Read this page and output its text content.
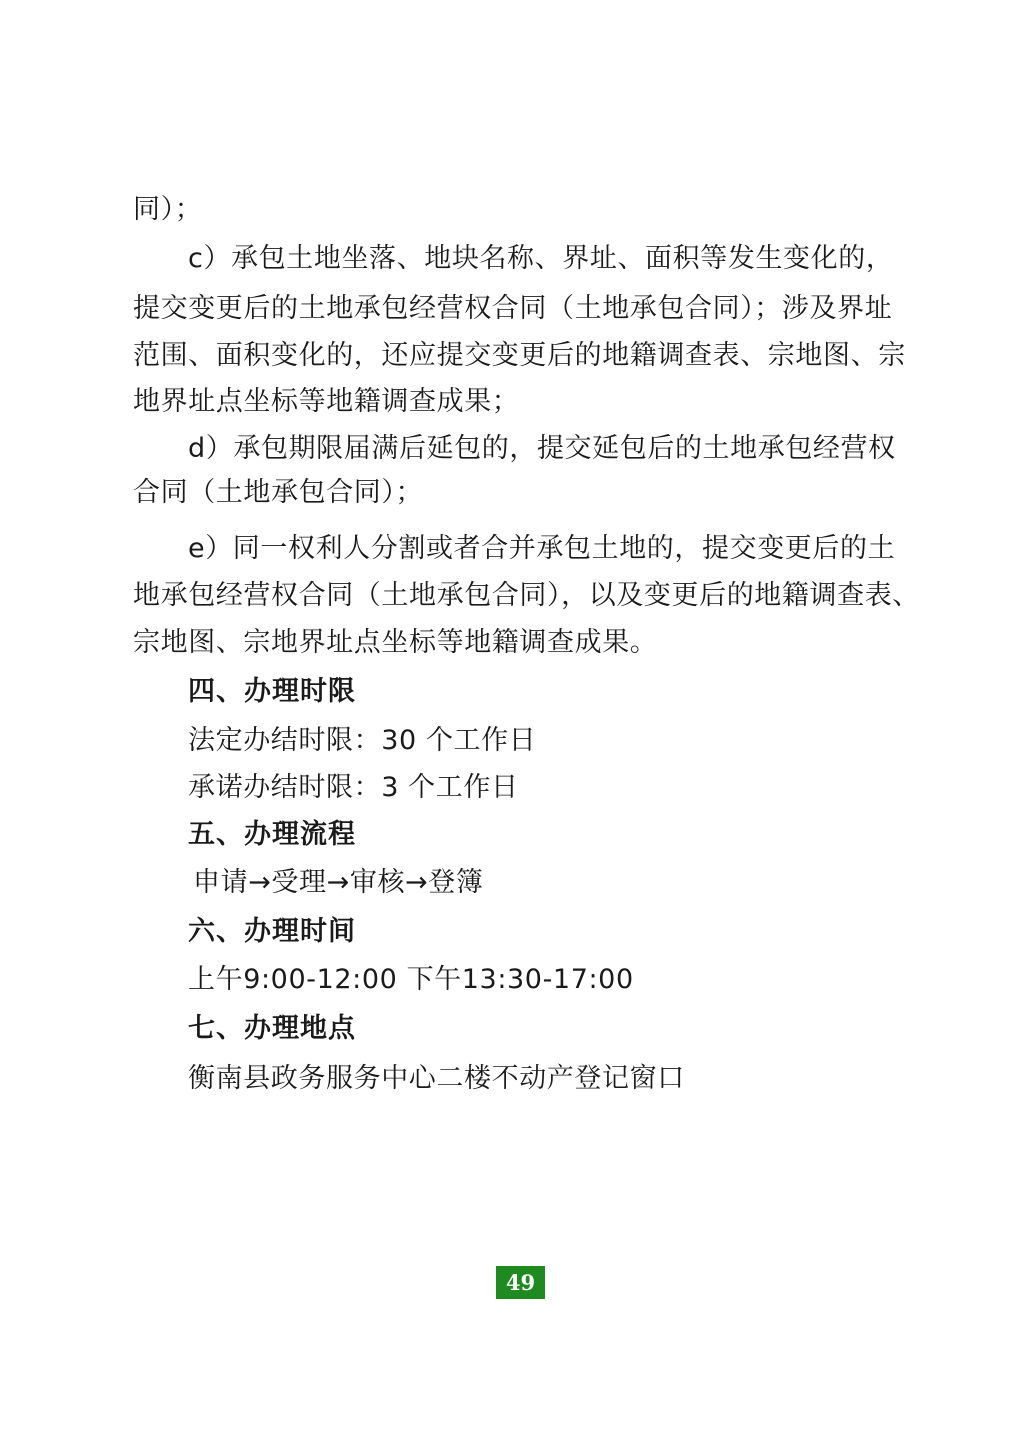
同）；
c）承包土地坐落、地块名称、界址、面积等发生变化的，
提交变更后的土地承包经营权合同（土地承包合同）；涉及界址
范围、面积变化的，还应提交变更后的地籍调查表、宗地图、宗
地界址点坐标等地籍调查成果；
d）承包期限届满后延包的，提交延包后的土地承包经营权
合同（土地承包合同）；
e）同一权利人分割或者合并承包土地的，提交变更后的土
地承包经营权合同（土地承包合同），以及变更后的地籍调查表、
宗地图、宗地界址点坐标等地籍调查成果。
四、办理时限
法定办结时限：30 个工作日
承诺办结时限：3 个工作日
五、办理流程
申请→受理→审核→登簿
六、办理时间
上午9:00-12:00 下午13:30-17:00
七、办理地点
衡南县政务服务中心二楼不动产登记窗口
49
